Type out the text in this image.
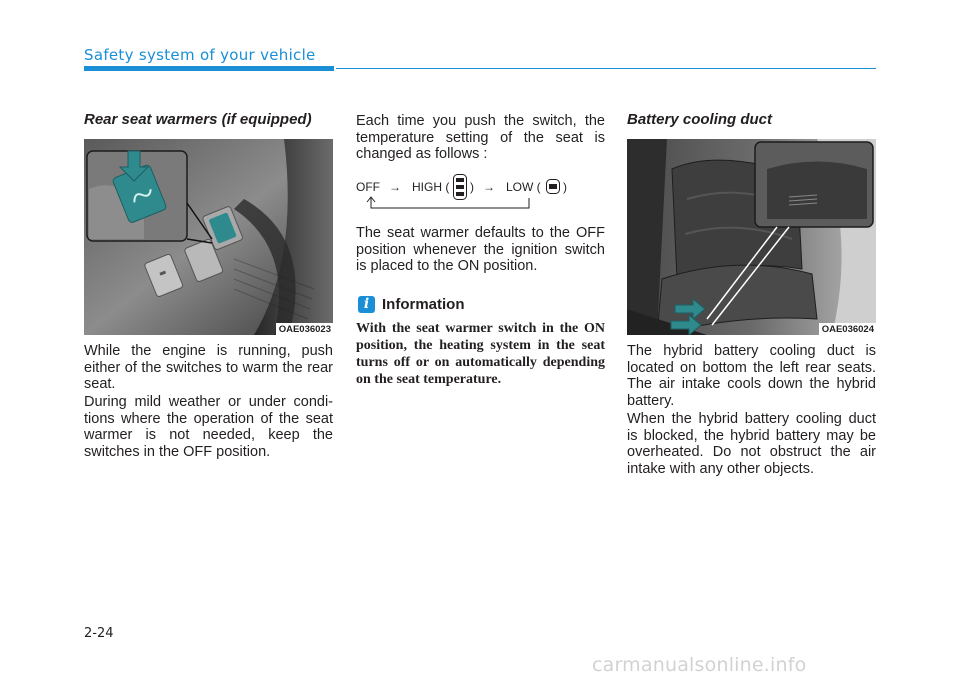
Safety system of your vehicle
Rear seat warmers (if equipped)
OAE036023

While the engine is running, push either of the switches to warm the rear seat.

During mild weather or under condi-tions where the operation of the seat warmer is not needed, keep the switches in the OFF position.

Each time you push the switch, the temperature setting of the seat is changed as follows :

OFF → HIGH ( ) → LOW ( )

The seat warmer defaults to the OFF position whenever the ignition switch is placed to the ON position.

i Information

With the seat warmer switch in the ON position, the heating system in the seat turns off or on automatically depending on the seat temperature.

Battery cooling duct
OAE036024

The hybrid battery cooling duct is located on bottom the left rear seats. The air intake cools down the hybrid battery.

When the hybrid battery cooling duct is blocked, the hybrid battery may be overheated. Do not obstruct the air intake with any other objects.

2-24
carmanualsonline.info
